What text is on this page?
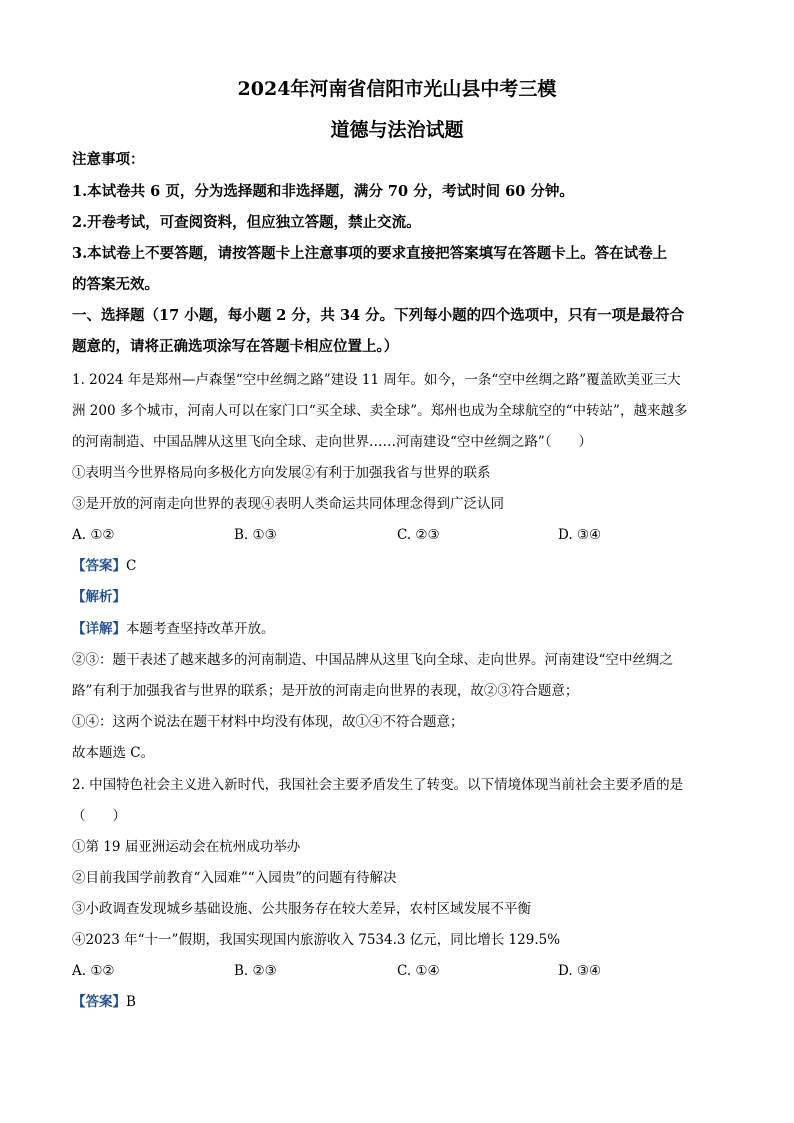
2024年河南省信阳市光山县中考三模
道德与法治试题
注意事项：
1.本试卷共 6 页，分为选择题和非选择题，满分 70 分，考试时间 60 分钟。
2.开卷考试，可查阅资料，但应独立答题，禁止交流。
3.本试卷上不要答题，请按答题卡上注意事项的要求直接把答案填写在答题卡上。答在试卷上
的答案无效。
一、选择题（17 小题，每小题 2 分，共 34 分。下列每小题的四个选项中，只有一项是最符合
题意的，请将正确选项涂写在答题卡相应位置上。）
1. 2024 年是郑州—卢森堡“空中丝绸之路”建设 11 周年。如今，一条“空中丝绸之路”覆盖欧美亚三大
洲 200 多个城市，河南人可以在家门口“买全球、卖全球”。郑州也成为全球航空的“中转站”，越来越多
的河南制造、中国品牌从这里飞向全球、走向世界……河南建设“空中丝绸之路”（　　）
①表明当今世界格局向多极化方向发展②有利于加强我省与世界的联系
③是开放的河南走向世界的表现④表明人类命运共同体理念得到广泛认同
A. ①②	B. ①③	C. ②③	D. ③④
【答案】C
【解析】
【详解】本题考查坚持改革开放。
②③：题干表述了越来越多的河南制造、中国品牌从这里飞向全球、走向世界。河南建设“空中丝绸之
路”有利于加强我省与世界的联系；是开放的河南走向世界的表现，故②③符合题意；
①④：这两个说法在题干材料中均没有体现，故①④不符合题意；
故本题选 C。
2. 中国特色社会主义进入新时代，我国社会主要矛盾发生了转变。以下情境体现当前社会主要矛盾的是
（　　）
①第 19 届亚洲运动会在杭州成功举办
②目前我国学前教育“入园难”“入园贵”的问题有待解决
③小政调查发现城乡基础设施、公共服务存在较大差异，农村区域发展不平衡
④2023 年“十一”假期，我国实现国内旅游收入 7534.3 亿元，同比增长 129.5%
A. ①②	B. ②③	C. ①④	D. ③④
【答案】B
